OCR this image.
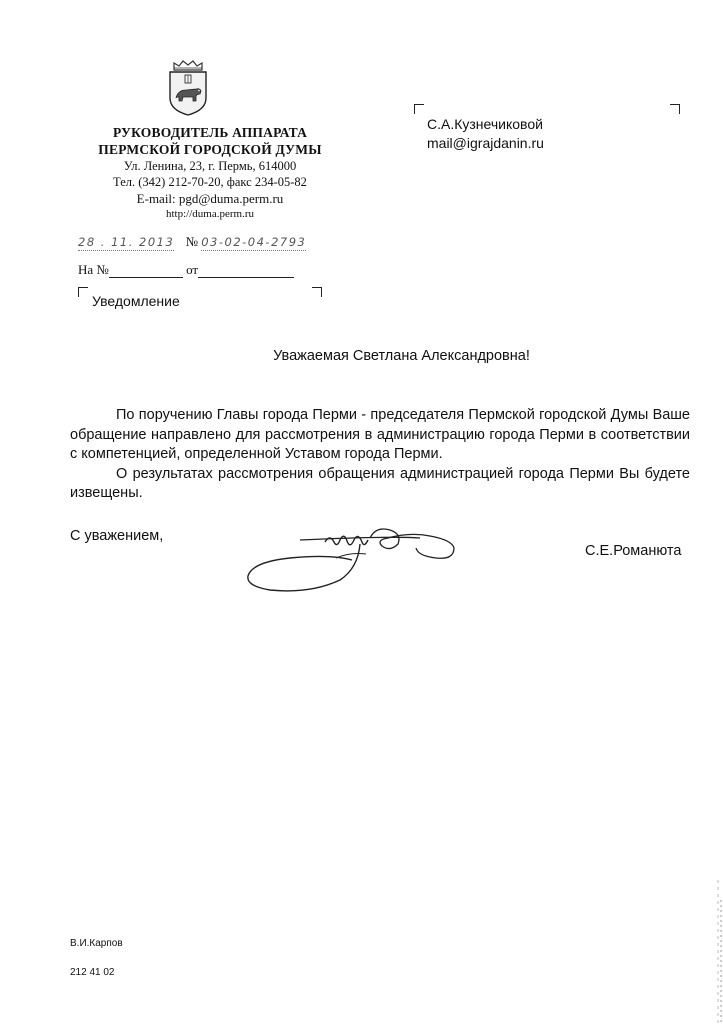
РУКОВОДИТЕЛЬ АППАРАТА
ПЕРМСКОЙ ГОРОДСКОЙ ДУМЫ
Ул. Ленина, 23, г. Пермь, 614000
Тел. (342) 212-70-20, факс 234-05-82
E-mail: pgd@duma.perm.ru
http://duma.perm.ru
28 . 11. 2013 № 03-02-04-2793
На №	от
Уведомление
С.А.Кузнечиковой
mail@igrajdanin.ru
Уважаемая Светлана Александровна!

По поручению Главы города Перми - председателя Пермской городской Думы Ваше обращение направлено для рассмотрения в администрацию города Перми в соответствии с компетенцией, определенной Уставом города Перми.

О результатах рассмотрения обращения администрацией города Перми Вы будете извещены.

С уважением,
С.Е.Романюта
В.И.Карпов
212 41 02
